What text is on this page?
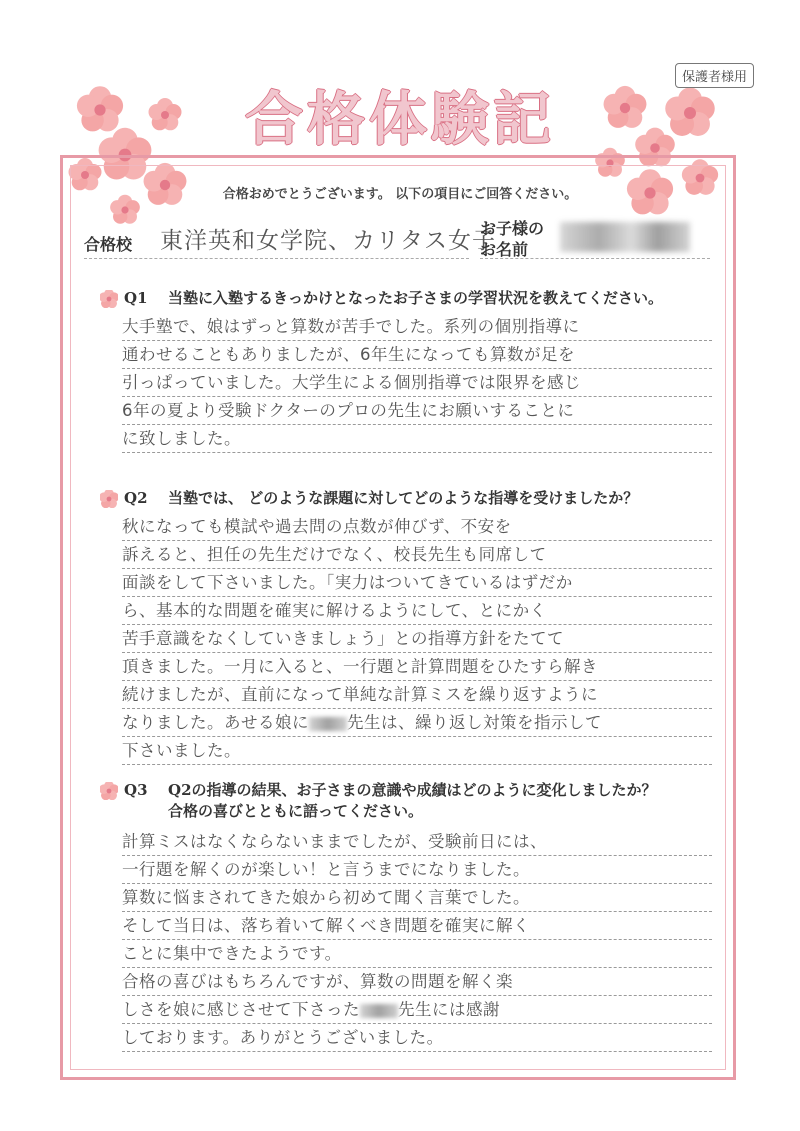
保護者様用
合格体験記
合格おめでとうございます。 以下の項目にご回答ください。
合格校 東洋英和女学院、カリタス女子
お子様の
お名前
Q1 当塾に入塾するきっかけとなったお子さまの学習状況を教えてください。
大手塾で、娘はずっと算数が苦手でした。系列の個別指導に
通わせることもありましたが、6年生になっても算数が足を
引っぱっていました。大学生による個別指導では限界を感じ
6年の夏より受験ドクターのプロの先生にお願いすることに
に致しました。
Q2 当塾では、 どのような課題に対してどのような指導を受けましたか？
秋になっても模試や過去問の点数が伸びず、不安を
訴えると、担任の先生だけでなく、校長先生も同席して
面談をして下さいました。「実力はついてきているはずだか
ら、基本的な問題を確実に解けるようにして、とにかく
苦手意識をなくしていきましょう」との指導方針をたてて
頂きました。一月に入ると、一行題と計算問題をひたすら解き
続けましたが、直前になって単純な計算ミスを繰り返すように
なりました。あせる娘に 先生は、繰り返し対策を指示して
下さいました。
Q3 Q2の指導の結果、お子さまの意識や成績はどのように変化しましたか？
合格の喜びとともに語ってください。
計算ミスはなくならないままでしたが、受験前日には、
一行題を解くのが楽しい！と言うまでになりました。
算数に悩まされてきた娘から初めて聞く言葉でした。
そして当日は、落ち着いて解くべき問題を確実に解く
ことに集中できたようです。
合格の喜びはもちろんですが、算数の問題を解く楽
しさを娘に感じさせて下さった 先生には感謝
しております。ありがとうございました。
